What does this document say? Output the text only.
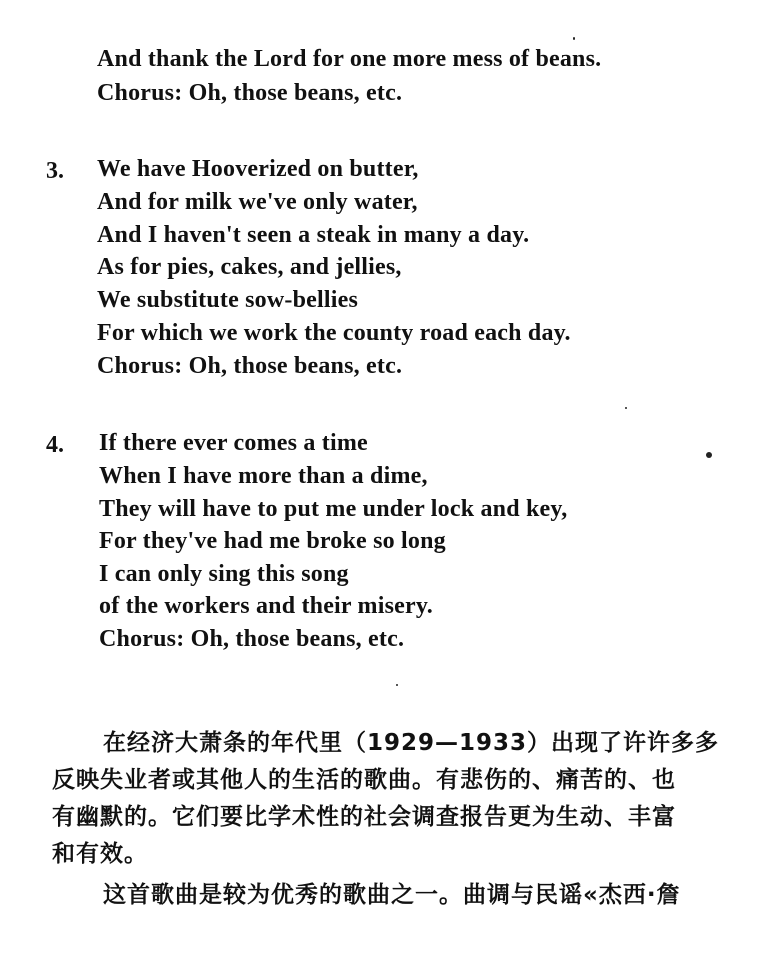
And thank the Lord for one more mess of beans.
Chorus: Oh, those beans, etc.
3. We have Hooverized on butter,
And for milk we've only water,
And I haven't seen a steak in many a day.
As for pies, cakes, and jellies,
We substitute sow-bellies
For which we work the county road each day.
Chorus: Oh, those beans, etc.
4. If there ever comes a time
When I have more than a dime,
They will have to put me under lock and key,
For they've had me broke so long
I can only sing this song
of the workers and their misery.
Chorus: Oh, those beans, etc.
在经济大萧条的年代里（1929—1933）出现了许许多多
反映失业者或其他人的生活的歌曲。有悲伤的、痛苦的、也
有幽默的。它们要比学术性的社会调查报告更为生动、丰富
和有效。
这首歌曲是较为优秀的歌曲之一。曲调与民谣«杰西·詹
